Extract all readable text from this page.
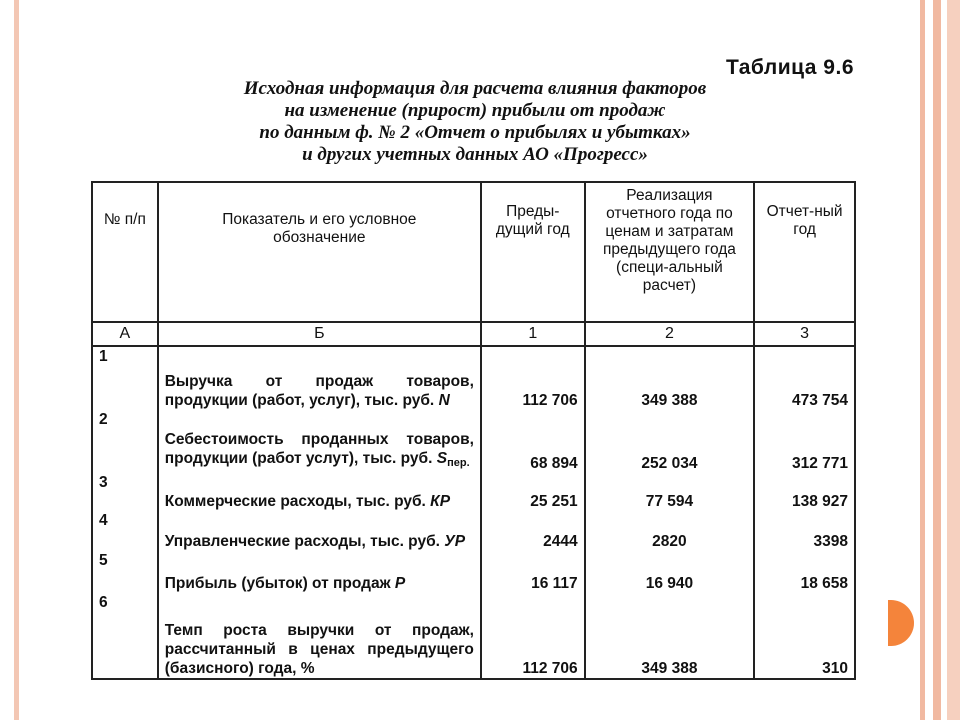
Таблица 9.6
Исходная информация для расчета влияния факторов
на изменение (прирост) прибыли от продаж
по данным ф. № 2 «Отчет о прибылях и убытках»
и других учетных данных АО «Прогресс»
№ п/п	Показатель и его условное обозначение	Преды-дущий год	Реализация отчетного года по ценам и затратам предыдущего года (специ-альный расчет)	Отчет-ный год
А	Б	1	2	3
1	Выручка от продаж товаров, продукции (работ, услуг), тыс. руб. N	112 706	349 388	473 754
2	Себестоимость проданных товаров, продукции (работ услут), тыс. руб. $S_{пер.}$	68 894	252 034	312 771
3	Коммерческие расходы, тыс. руб. КР	25 251	77 594	138 927
4	Управленческие расходы, тыс. руб. УР	2444	2820	3398
5	Прибыль (убыток) от продаж P	16 117	16 940	18 658
6	Темп роста выручки от продаж, рассчитанный в ценах предыдущего (базисного) года, %	112 706	349 388	310
